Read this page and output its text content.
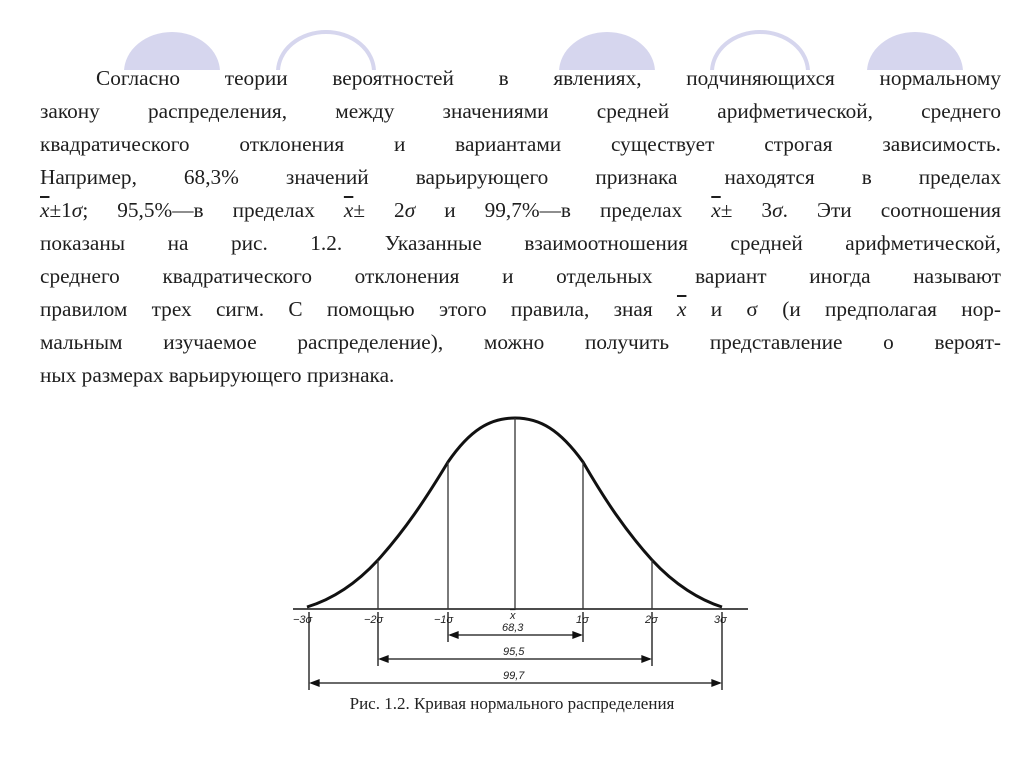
Согласно теории вероятностей в явлениях, подчиняющихся нормальному
закону распределения, между значениями средней арифметической, среднего
квадратического отклонения и вариантами существует строгая зависимость.
Например, 68,3% значений варьирующего признака находятся в пределах
$\overline{x}\pm 1\sigma$; 95,5%—в пределах $\overline{x}\pm 2\sigma$ и 99,7%—в пределах $\overline{x}\pm 3\sigma$. Эти соотношения
показаны на рис. 1.2. Указанные взаимоотношения средней арифметической,
среднего квадратического отклонения и отдельных вариант иногда называют
правилом трех сигм. С помощью этого правила, зная $\overline{x}$ и σ (и предполагая нор-
мальным изучаемое распределение), можно получить представление о вероят-
ных размерах варьирующего признака.
−3σ	−2σ	−1σ	x	1σ	2σ	3σ
68,3
95,5
99,7
Рис. 1.2. Кривая нормального распределения
